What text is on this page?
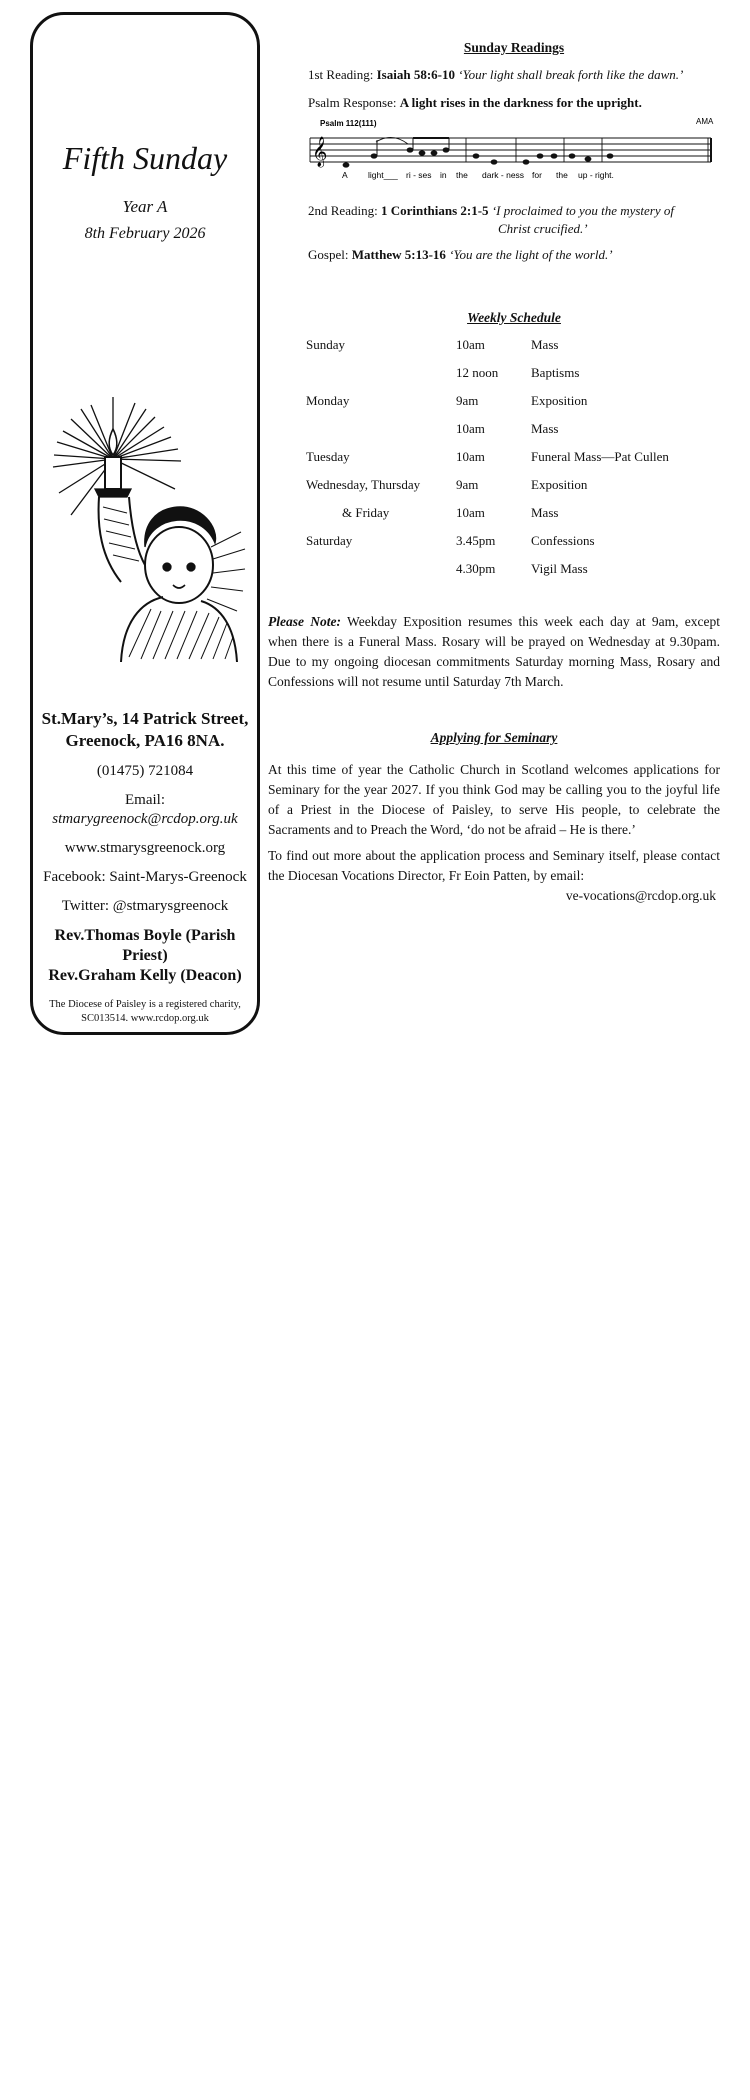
Fifth Sunday
Year A
8th February 2026
St.Mary’s, 14 Patrick Street,
Greenock, PA16 8NA.
(01475) 721084
Email:
stmarygreenock@rcdop.org.uk
www.stmarysgreenock.org
Facebook: Saint-Marys-Greenock
Twitter: @stmarysgreenock
Rev.Thomas Boyle (Parish Priest)
Rev.Graham Kelly (Deacon)
The Diocese of Paisley is a registered charity,
SC013514. www.rcdop.org.uk
Sunday Readings
1st Reading: Isaiah 58:6-10 ‘Your light shall break forth like the dawn.’
Psalm Response: A light rises in the darkness for the upright.
Psalm 112(111)	AMA
𝄞
A light___ ri - ses in the dark - ness for the up - right.
2nd Reading: 1 Corinthians 2:1-5 ‘I proclaimed to you the mystery of
Christ crucified.’
Gospel: Matthew 5:13-16 ‘You are the light of the world.’
Weekly Schedule
Sunday	10am	Mass
12 noon	Baptisms
Monday	9am	Exposition
10am	Mass
Tuesday	10am	Funeral Mass—Pat Cullen
Wednesday, Thursday	9am	Exposition
& Friday	10am	Mass
Saturday	3.45pm	Confessions
4.30pm	Vigil Mass
Please Note: Weekday Exposition resumes this week each day at 9am, except when there is a Funeral Mass. Rosary will be prayed on Wednesday at 9.30pam. Due to my ongoing diocesan commitments Saturday morning Mass, Rosary and Confessions will not resume until Saturday 7th March.
Applying for Seminary
At this time of year the Catholic Church in Scotland welcomes applications for Seminary for the year 2027. If you think God may be calling you to the joyful life of a Priest in the Diocese of Paisley, to serve His people, to celebrate the Sacraments and to Preach the Word, ‘do not be afraid – He is there.’
To find out more about the application process and Seminary itself, please contact the Diocesan Vocations Director, Fr Eoin Patten, by email:
ve-vocations@rcdop.org.uk
